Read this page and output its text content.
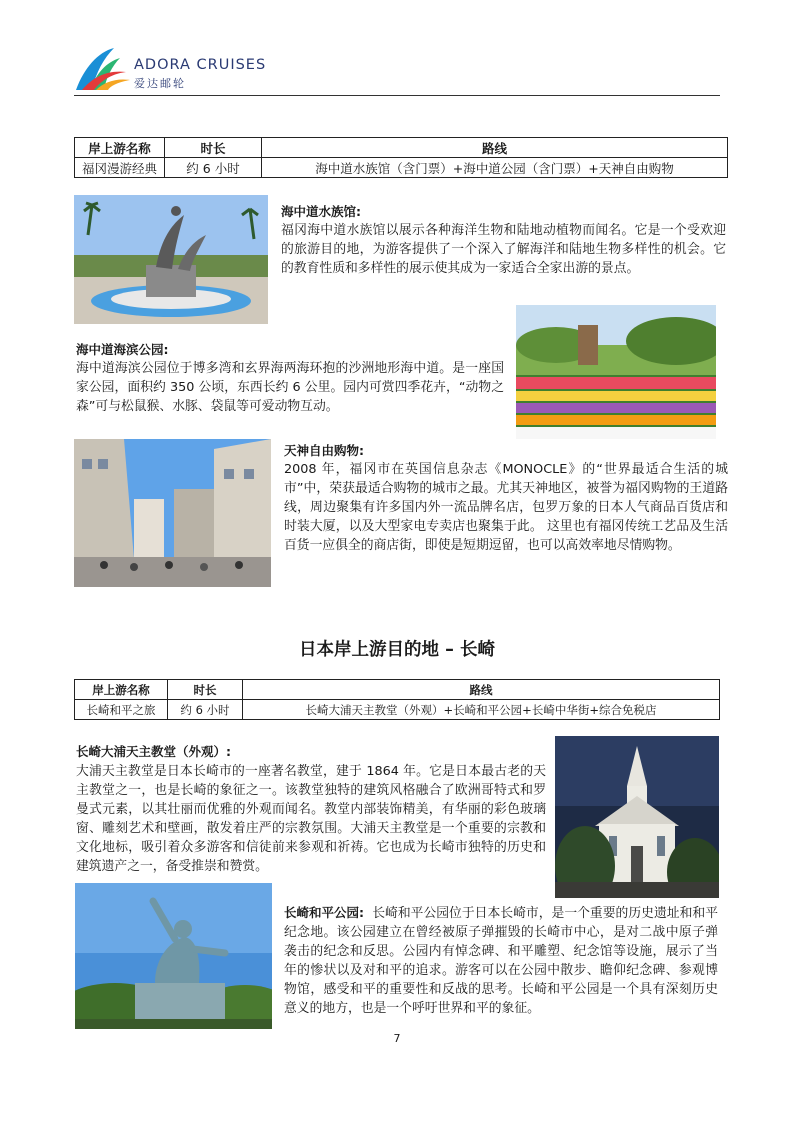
ADORA CRUISES
爱达邮轮
岸上游名称	时长	路线
福冈漫游经典	约 6 小时	海中道水族馆（含门票）+海中道公园（含门票）+天神自由购物
海中道水族馆:
福冈海中道水族馆以展示各种海洋生物和陆地动植物而闻名。它是一个受欢迎的旅游目的地，为游客提供了一个深入了解海洋和陆地生物多样性的机会。它的教育性质和多样性的展示使其成为一家适合全家出游的景点。
海中道海滨公园:
海中道海滨公园位于博多湾和玄界海两海环抱的沙洲地形海中道。是一座国家公园，面积约 350 公顷，东西长约 6 公里。园内可赏四季花卉，“动物之森”可与松鼠猴、水豚、袋鼠等可爱动物互动。
天神自由购物:
2008 年，福冈市在英国信息杂志《MONOCLE》的“世界最适合生活的城市”中，荣获最适合购物的城市之最。尤其天神地区，被誉为福冈购物的王道路线，周边聚集有许多国内外一流品牌名店，包罗万象的日本人气商品百货店和时装大厦，以及大型家电专卖店也聚集于此。 这里也有福冈传统工艺品及生活百货一应俱全的商店街，即使是短期逗留，也可以高效率地尽情购物。
日本岸上游目的地 – 长崎
岸上游名称	时长	路线
长崎和平之旅	约 6 小时	长崎大浦天主教堂（外观）+长崎和平公园+长崎中华街+综合免税店
长崎大浦天主教堂（外观）:
大浦天主教堂是日本长崎市的一座著名教堂，建于 1864 年。它是日本最古老的天主教堂之一，也是长崎的象征之一。该教堂独特的建筑风格融合了欧洲哥特式和罗曼式元素，以其壮丽而优雅的外观而闻名。教堂内部装饰精美，有华丽的彩色玻璃窗、雕刻艺术和壁画，散发着庄严的宗教氛围。大浦天主教堂是一个重要的宗教和文化地标，吸引着众多游客和信徒前来参观和祈祷。它也成为长崎市独特的历史和建筑遗产之一，备受推崇和赞赏。
长崎和平公园: 长崎和平公园位于日本长崎市，是一个重要的历史遗址和和平纪念地。该公园建立在曾经被原子弹摧毁的长崎市中心，是对二战中原子弹袭击的纪念和反思。公园内有悼念碑、和平雕塑、纪念馆等设施，展示了当年的惨状以及对和平的追求。游客可以在公园中散步、瞻仰纪念碑、参观博物馆，感受和平的重要性和反战的思考。长崎和平公园是一个具有深刻历史意义的地方，也是一个呼吁世界和平的象征。
7
